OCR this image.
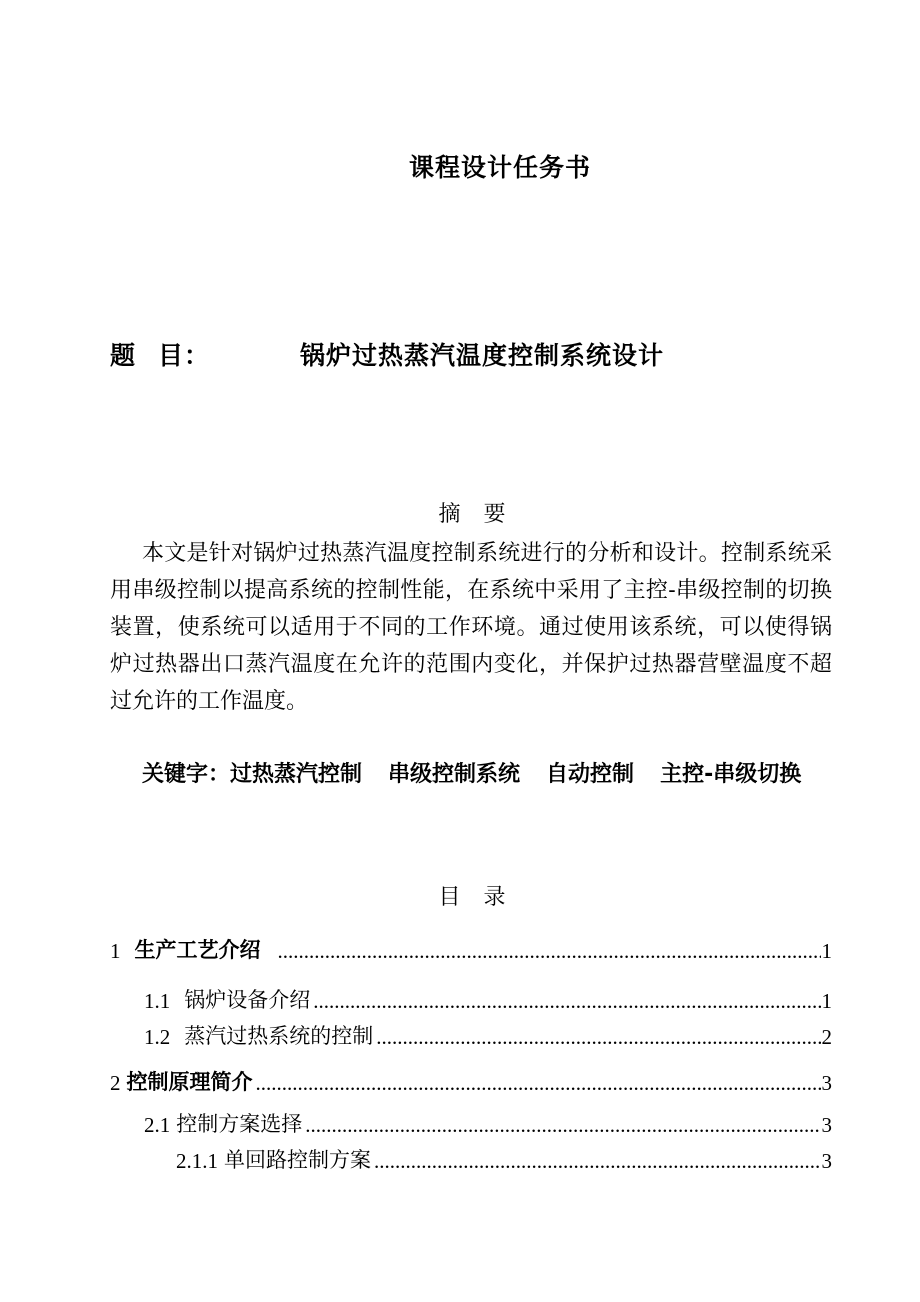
课程设计任务书
题 目：	锅炉过热蒸汽温度控制系统设计
摘 要
本文是针对锅炉过热蒸汽温度控制系统进行的分析和设计。控制系统采用串级控制以提高系统的控制性能，在系统中采用了主控-串级控制的切换装置，使系统可以适用于不同的工作环境。通过使用该系统，可以使得锅炉过热器出口蒸汽温度在允许的范围内变化，并保护过热器营壁温度不超过允许的工作温度。
关键字：过热蒸汽控制 串级控制系统 自动控制 主控-串级切换
目 录
1 生产工艺介绍 .....	1
1.1 锅炉设备介绍 .....	1
1.2 蒸汽过热系统的控制 .....	2
2 控制原理简介 .....	3
2.1 控制方案选择 .....	3
2.1.1 单回路控制方案 .....	3
